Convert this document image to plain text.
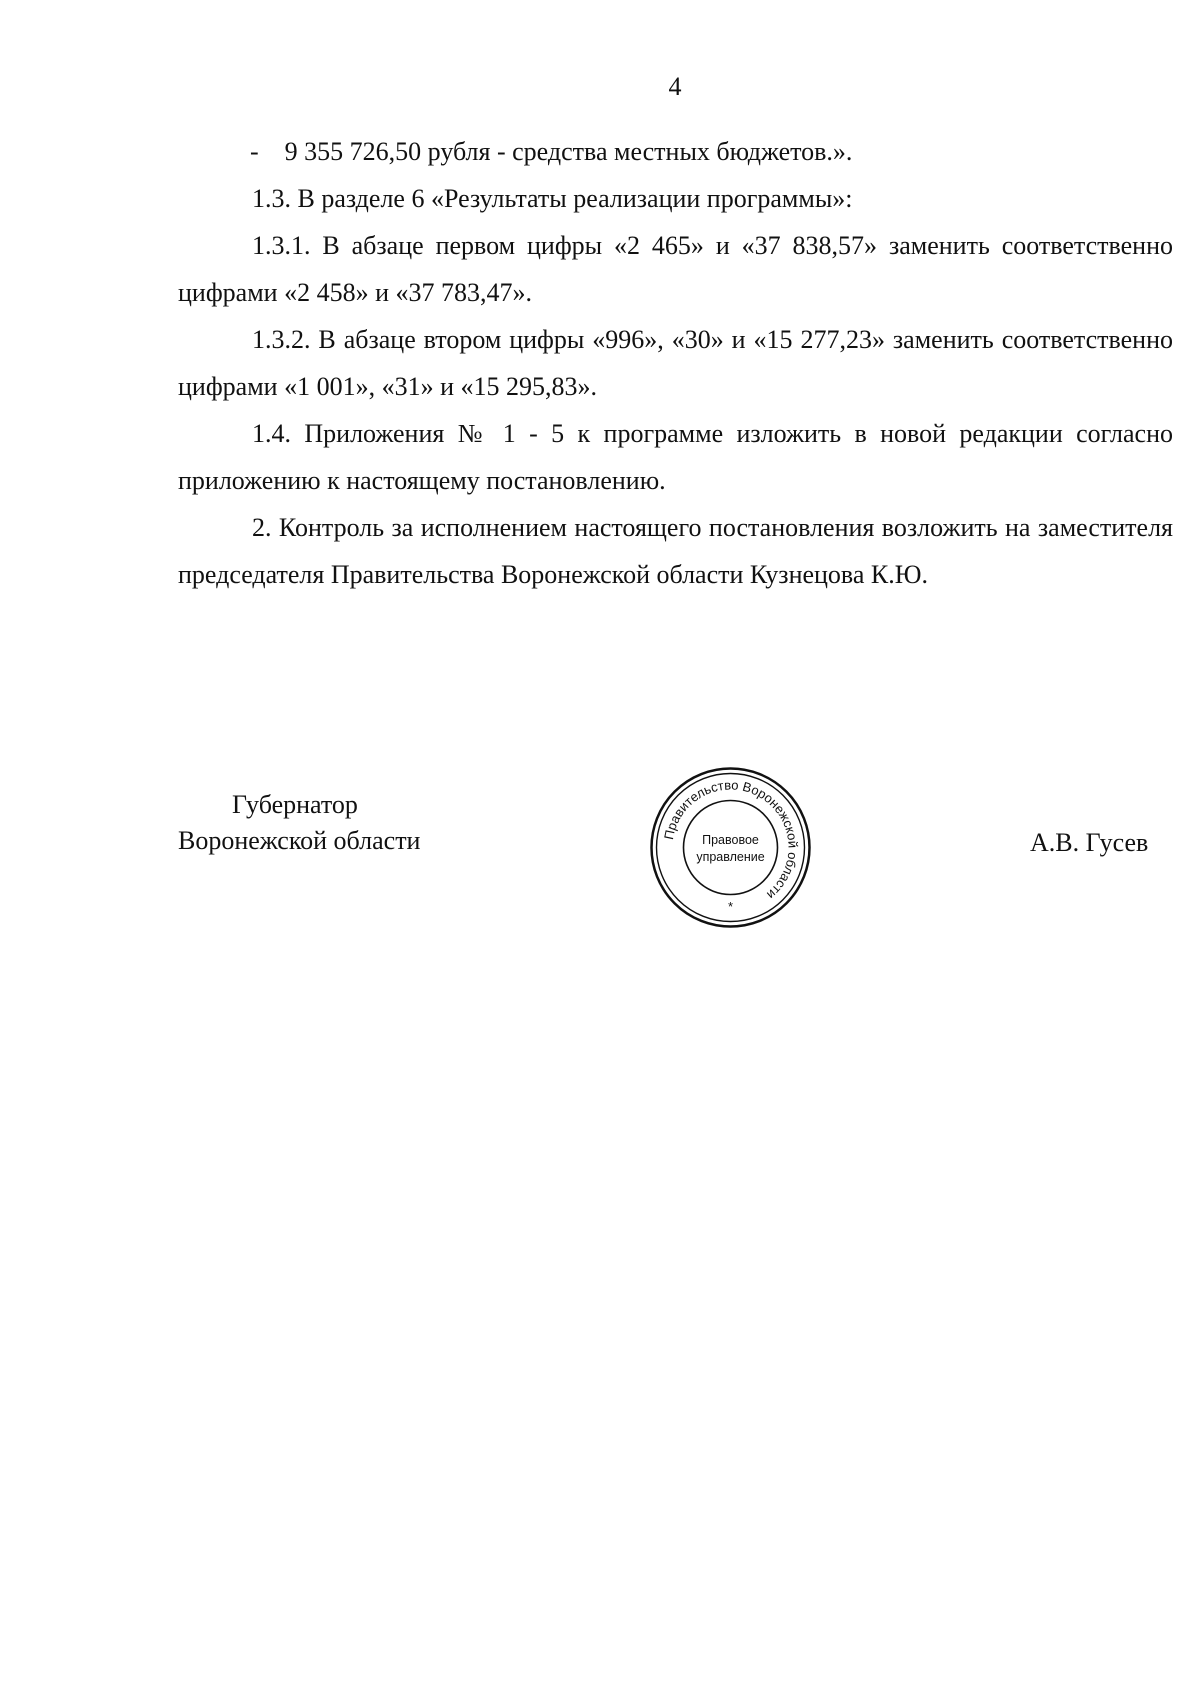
4

-    9 355 726,50 рубля - средства местных бюджетов.».

1.3. В разделе 6 «Результаты реализации программы»:

1.3.1. В абзаце первом цифры «2 465» и «37 838,57» заменить соответственно цифрами «2 458» и «37 783,47».

1.3.2. В абзаце втором цифры «996», «30» и «15 277,23» заменить соответственно цифрами «1 001», «31» и «15 295,83».

1.4. Приложения № 1 - 5 к программе изложить в новой редакции согласно приложению к настоящему постановлению.

2. Контроль за исполнением настоящего постановления возложить на заместителя председателя Правительства Воронежской области Кузнецова К.Ю.

Губернатор
Воронежской области	А.В. Гусев
Правительство Воронежской области
Правовое
управление
*
